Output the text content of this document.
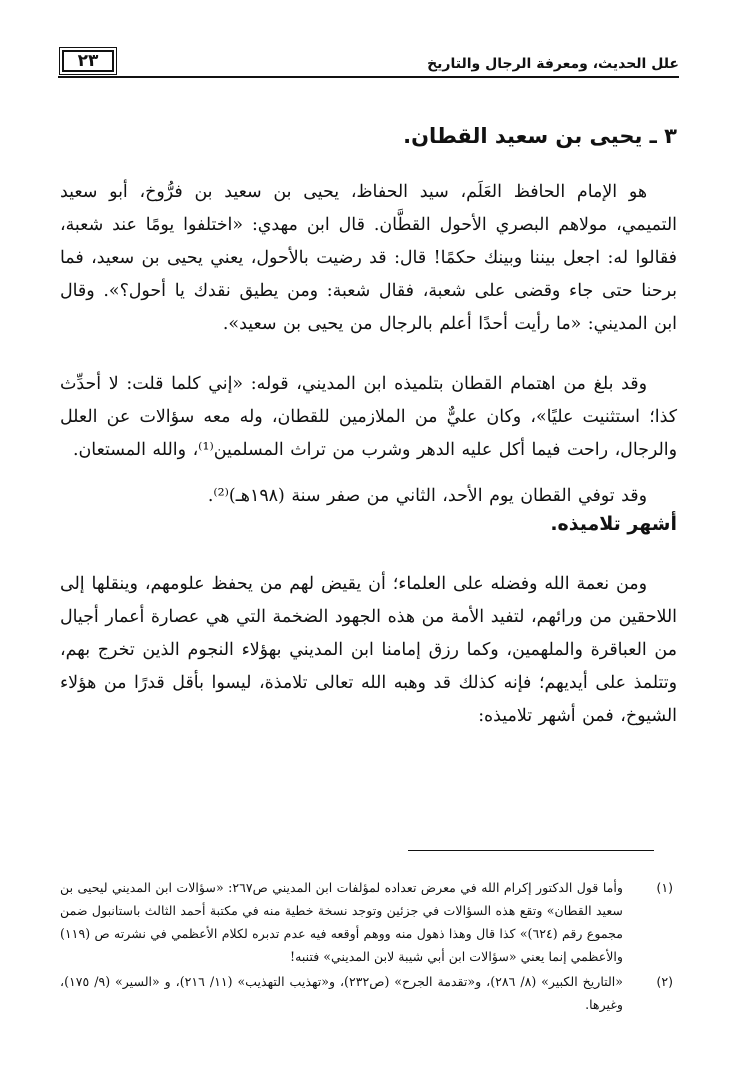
علل الحديث، ومعرفة الرجال والتاريخ
٢٣
٣ ـ يحيى بن سعيد القطان.

هو الإمام الحافظ العَلَم، سيد الحفاظ، يحيى بن سعيد بن فرُّوخ، أبو سعيد التميمي، مولاهم البصري الأحول القطَّان. قال ابن مهدي: «اختلفوا يومًا عند شعبة، فقالوا له: اجعل بيننا وبينك حكمًا! قال: قد رضيت بالأحول، يعني يحيى بن سعيد، فما برحنا حتى جاء وقضى على شعبة، فقال شعبة: ومن يطيق نقدك يا أحول؟». وقال ابن المديني: «ما رأيت أحدًا أعلم بالرجال من يحيى بن سعيد».

وقد بلغ من اهتمام القطان بتلميذه ابن المديني، قوله: «إني كلما قلت: لا أحدِّث كذا؛ استثنيت عليًا»، وكان عليٌّ من الملازمين للقطان، وله معه سؤالات عن العلل والرجال، راحت فيما أكل عليه الدهر وشرب من تراث المسلمين⁽¹⁾، والله المستعان.

وقد توفي القطان يوم الأحد، الثاني من صفر سنة (١٩٨هـ)⁽²⁾.

أشهر تلاميذه.

ومن نعمة الله وفضله على العلماء؛ أن يقيض لهم من يحفظ علومهم، وينقلها إلى اللاحقين من ورائهم، لتفيد الأمة من هذه الجهود الضخمة التي هي عصارة أعمار أجيال من العباقرة والملهمين، وكما رزق إمامنا ابن المديني بهؤلاء النجوم الذين تخرج بهم، وتتلمذ على أيديهم؛ فإنه كذلك قد وهبه الله تعالى تلامذة، ليسوا بأقل قدرًا من هؤلاء الشيوخ، فمن أشهر تلاميذه:

(١)
وأما قول الدكتور إكرام الله في معرض تعداده لمؤلفات ابن المديني ص٢٦٧: «سؤالات ابن المديني ليحيى بن سعيد القطان» وتقع هذه السؤالات في جزئين وتوجد نسخة خطية منه في مكتبة أحمد الثالث باستانبول ضمن مجموع رقم (٦٢٤)» كذا قال وهذا ذهول منه ووهم أوقعه فيه عدم تدبره لكلام الأعظمي في نشرته ص (١١٩) والأعظمي إنما يعني «سؤالات ابن أبي شيبة لابن المديني» فتنبه!
(٢)
«التاريخ الكبير» (٨/ ٢٨٦)، و«تقدمة الجرح» (ص٢٣٢)، و«تهذيب التهذيب» (١١/ ٢١٦)، و «السير» (٩/ ١٧٥)، وغيرها.
